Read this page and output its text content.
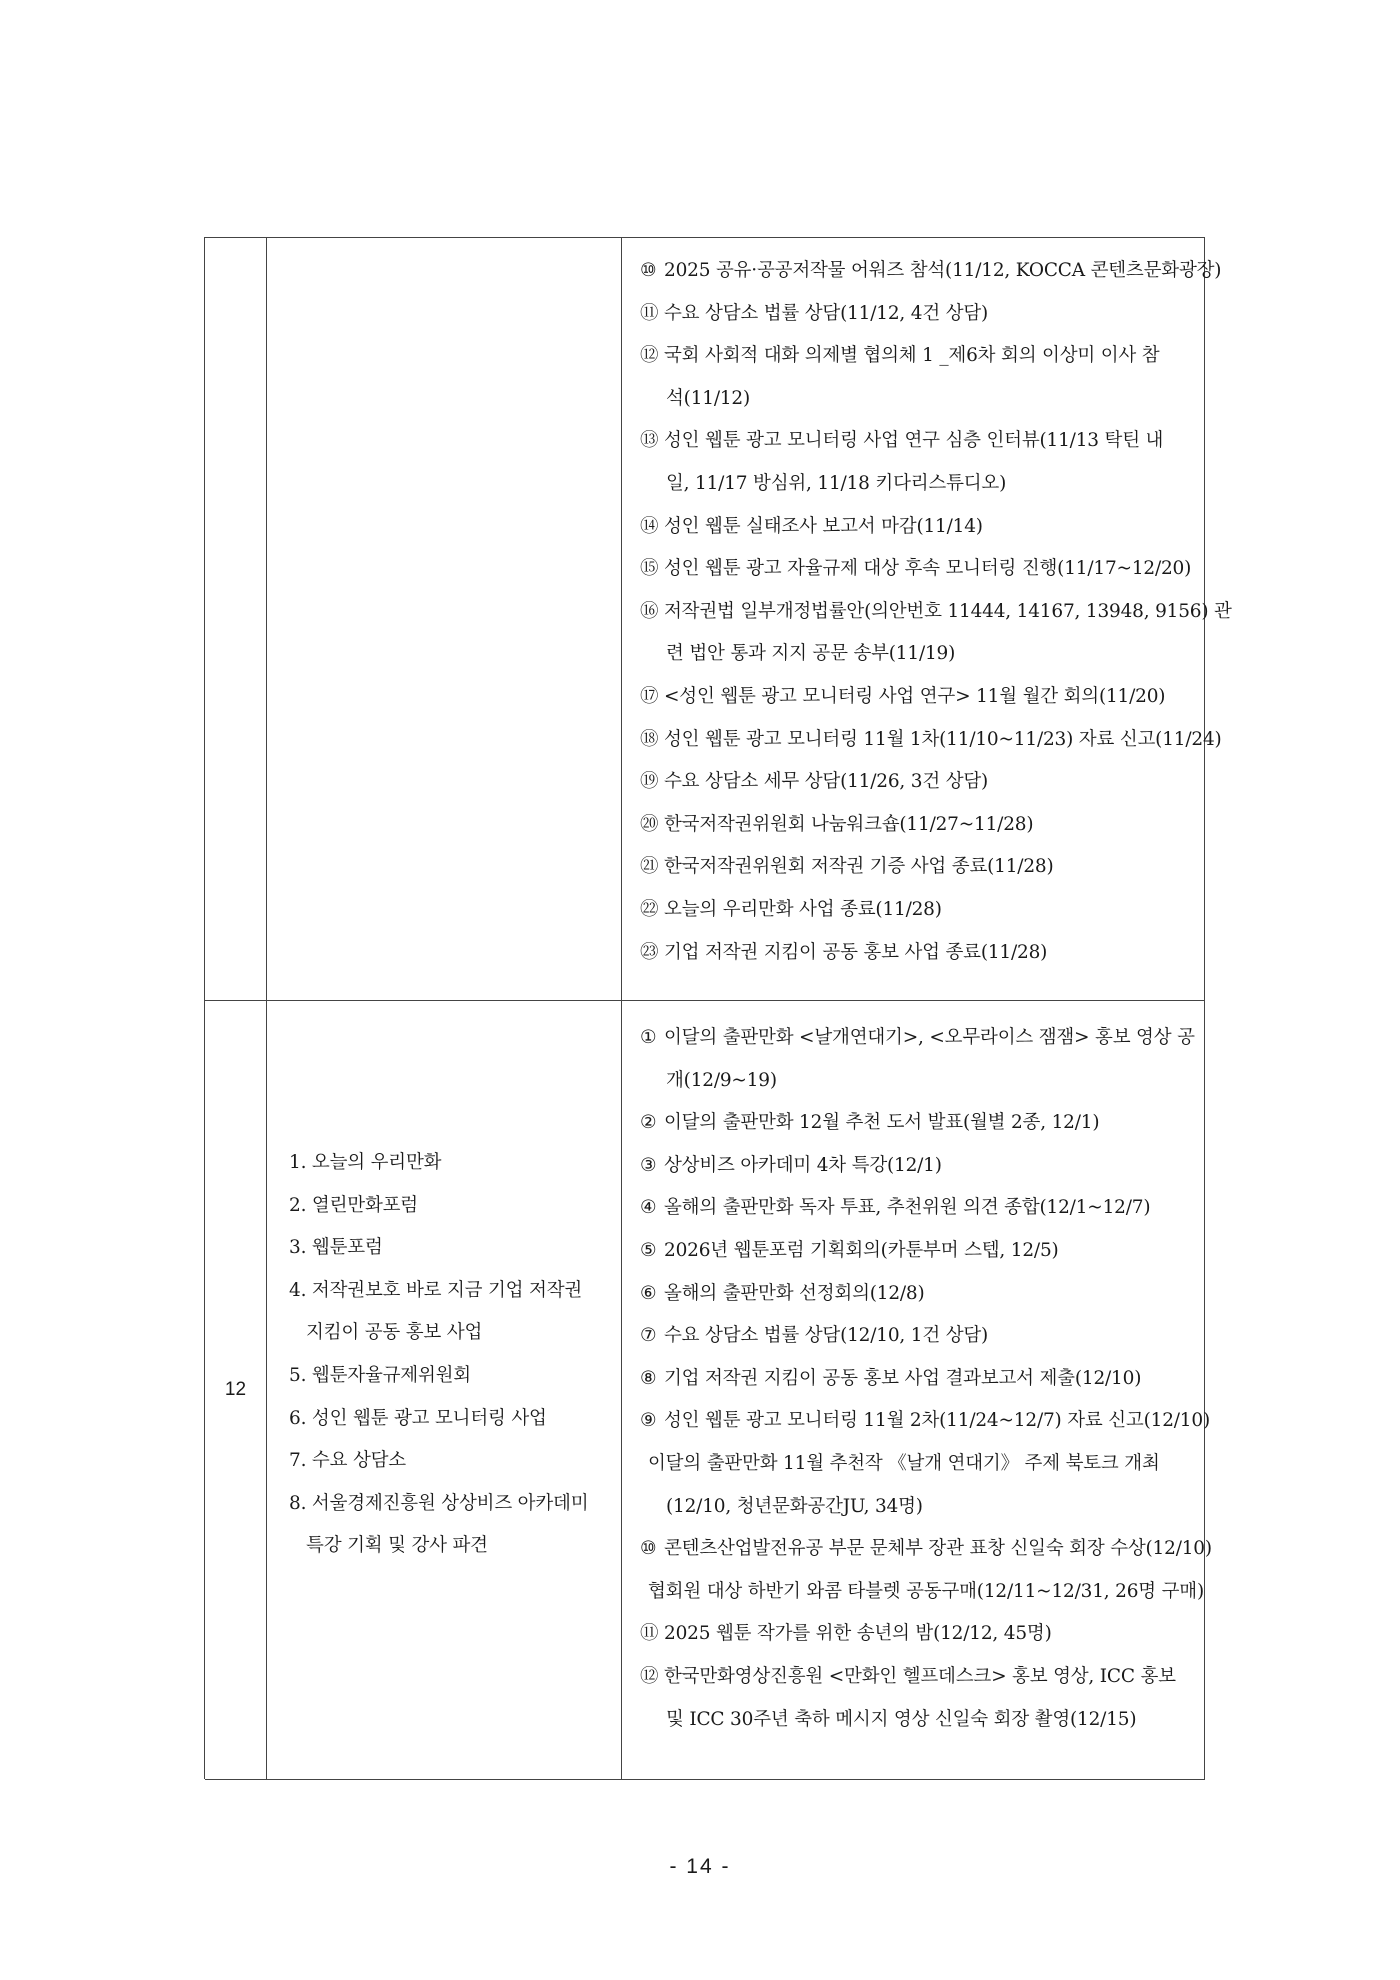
⑩ 2025 공유·공공저작물 어워즈 참석(11/12, KOCCA 콘텐츠문화광장)
⑪ 수요 상담소 법률 상담(11/12, 4건 상담)
⑫ 국회 사회적 대화 의제별 협의체 1 _제6차 회의 이상미 이사 참
석(11/12)
⑬ 성인 웹툰 광고 모니터링 사업 연구 심층 인터뷰(11/13 탁틴 내
일, 11/17 방심위, 11/18 키다리스튜디오)
⑭ 성인 웹툰 실태조사 보고서 마감(11/14)
⑮ 성인 웹툰 광고 자율규제 대상 후속 모니터링 진행(11/17~12/20)
⑯ 저작권법 일부개정법률안(의안번호 11444, 14167, 13948, 9156) 관
련 법안 통과 지지 공문 송부(11/19)
⑰ <성인 웹툰 광고 모니터링 사업 연구> 11월 월간 회의(11/20)
⑱ 성인 웹툰 광고 모니터링 11월 1차(11/10~11/23) 자료 신고(11/24)
⑲ 수요 상담소 세무 상담(11/26, 3건 상담)
⑳ 한국저작권위원회 나눔워크숍(11/27~11/28)
㉑ 한국저작권위원회 저작권 기증 사업 종료(11/28)
㉒ 오늘의 우리만화 사업 종료(11/28)
㉓ 기업 저작권 지킴이 공동 홍보 사업 종료(11/28)
12
1. 오늘의 우리만화
2. 열린만화포럼
3. 웹툰포럼
4. 저작권보호 바로 지금 기업 저작권
지킴이 공동 홍보 사업
5. 웹툰자율규제위원회
6. 성인 웹툰 광고 모니터링 사업
7. 수요 상담소
8. 서울경제진흥원 상상비즈 아카데미
특강 기획 및 강사 파견
① 이달의 출판만화 <날개연대기>, <오무라이스 잼잼> 홍보 영상 공
개(12/9~19)
② 이달의 출판만화 12월 추천 도서 발표(월별 2종, 12/1)
③ 상상비즈 아카데미 4차 특강(12/1)
④ 올해의 출판만화 독자 투표, 추천위원 의견 종합(12/1~12/7)
⑤ 2026년 웹툰포럼 기획회의(카툰부머 스텝, 12/5)
⑥ 올해의 출판만화 선정회의(12/8)
⑦ 수요 상담소 법률 상담(12/10, 1건 상담)
⑧ 기업 저작권 지킴이 공동 홍보 사업 결과보고서 제출(12/10)
⑨ 성인 웹툰 광고 모니터링 11월 2차(11/24~12/7) 자료 신고(12/10)
이달의 출판만화 11월 추천작 《날개 연대기》 주제 북토크 개최
(12/10, 청년문화공간JU, 34명)
⑩ 콘텐츠산업발전유공 부문 문체부 장관 표창 신일숙 회장 수상(12/10)
협회원 대상 하반기 와콤 타블렛 공동구매(12/11~12/31, 26명 구매)
⑪ 2025 웹툰 작가를 위한 송년의 밤(12/12, 45명)
⑫ 한국만화영상진흥원 <만화인 헬프데스크> 홍보 영상, ICC 홍보
및 ICC 30주년 축하 메시지 영상 신일숙 회장 촬영(12/15)
- 14 -
